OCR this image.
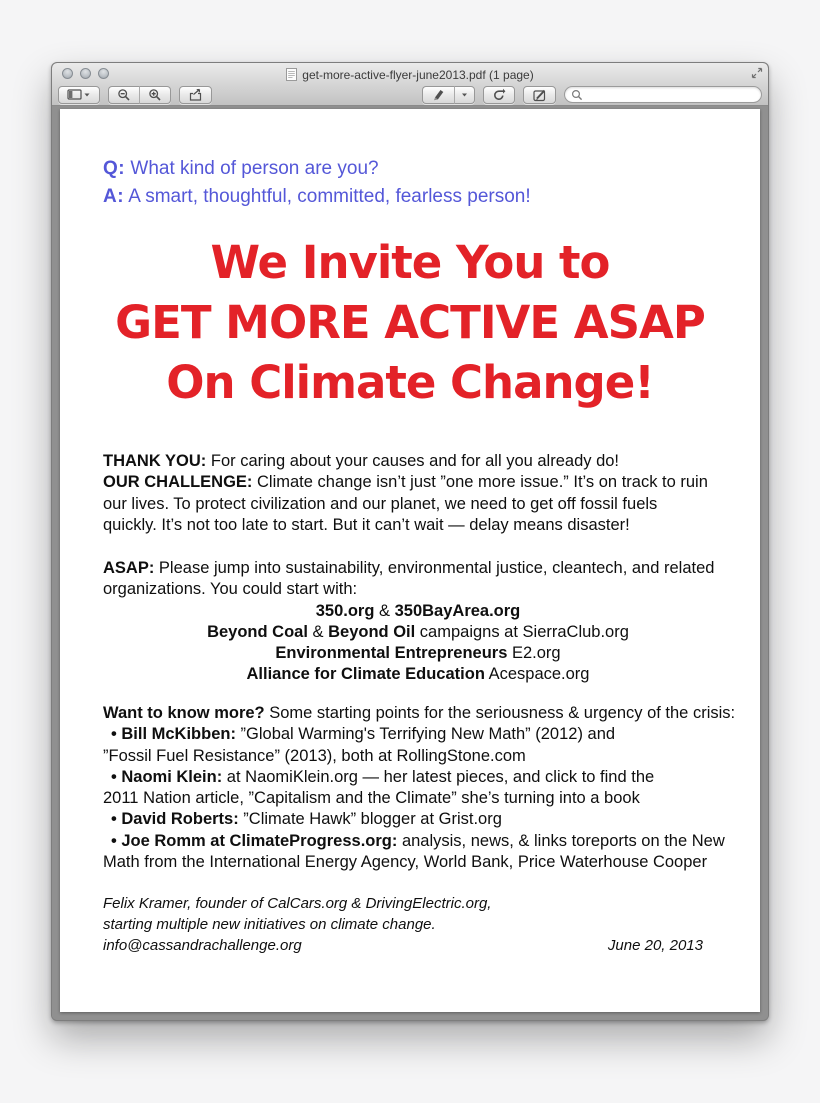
get-more-active-flyer-june2013.pdf (1 page)
Q: What kind of person are you?
A: A smart, thoughtful, committed, fearless person!
We Invite You to
GET MORE ACTIVE ASAP
On Climate Change!
THANK YOU: For caring about your causes and for all you already do!
OUR CHALLENGE: Climate change isn’t just ”one more issue.” It’s on track to ruin
our lives. To protect civilization and our planet, we need to get off fossil fuels
quickly. It’s not too late to start. But it can’t wait — delay means disaster!
ASAP: Please jump into sustainability, environmental justice, cleantech, and related
organizations. You could start with:
350.org & 350BayArea.org
Beyond Coal & Beyond Oil campaigns at SierraClub.org
Environmental Entrepreneurs E2.org
Alliance for Climate Education Acespace.org
Want to know more? Some starting points for the seriousness & urgency of the crisis:
• Bill McKibben: ”Global Warming's Terrifying New Math” (2012) and
”Fossil Fuel Resistance” (2013), both at RollingStone.com
• Naomi Klein: at NaomiKlein.org — her latest pieces, and click to find the
2011 Nation article, ”Capitalism and the Climate” she’s turning into a book
• David Roberts: ”Climate Hawk” blogger at Grist.org
• Joe Romm at ClimateProgress.org: analysis, news, & links toreports on the New
Math from the International Energy Agency, World Bank, Price Waterhouse Cooper
Felix Kramer, founder of CalCars.org & DrivingElectric.org,
starting multiple new initiatives on climate change.
info@cassandrachallenge.org	June 20, 2013
